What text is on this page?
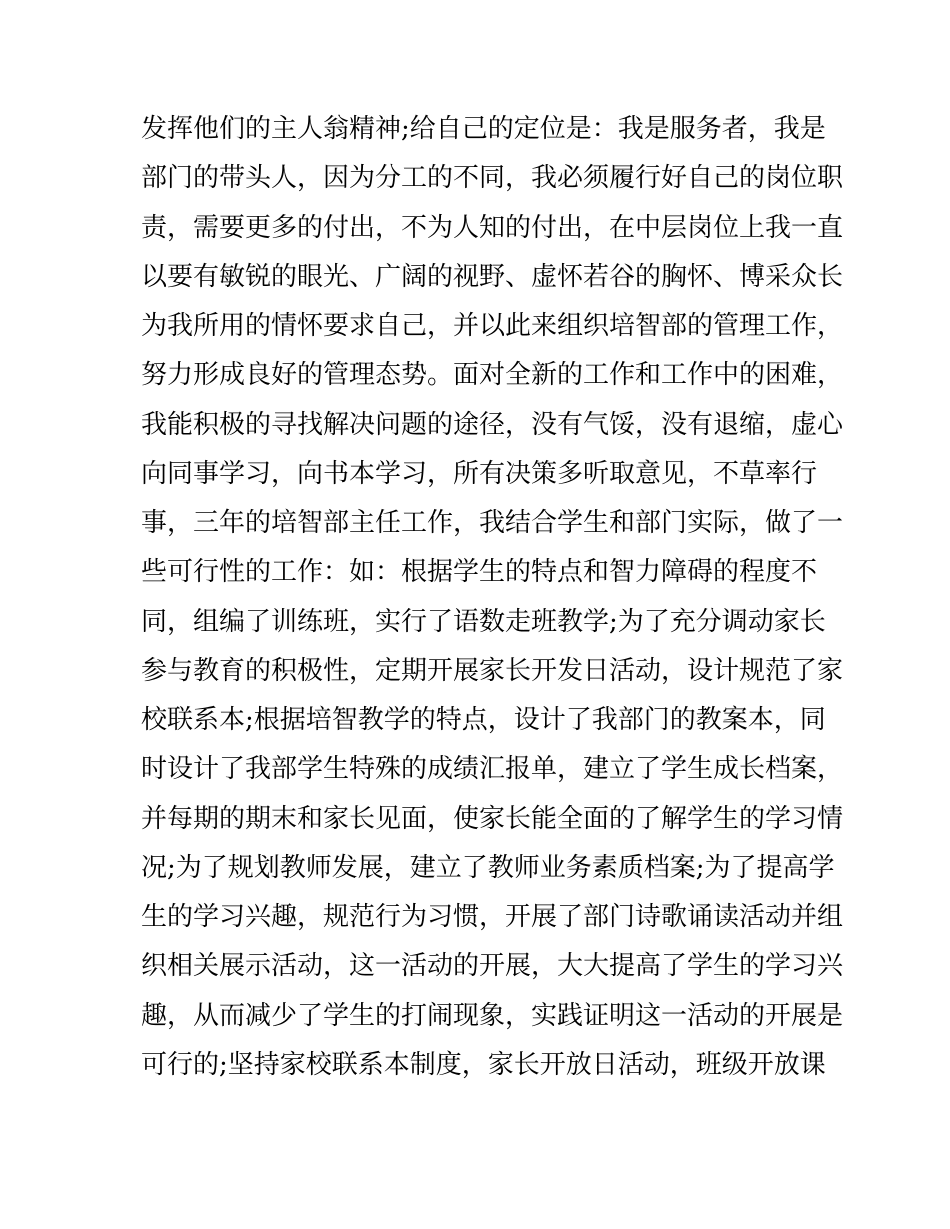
发挥他们的主人翁精神;给自己的定位是：我是服务者，我是
部门的带头人，因为分工的不同，我必须履行好自己的岗位职
责，需要更多的付出，不为人知的付出，在中层岗位上我一直
以要有敏锐的眼光、广阔的视野、虚怀若谷的胸怀、博采众长
为我所用的情怀要求自己，并以此来组织培智部的管理工作，
努力形成良好的管理态势。面对全新的工作和工作中的困难，
我能积极的寻找解决问题的途径，没有气馁，没有退缩，虚心
向同事学习，向书本学习，所有决策多听取意见，不草率行
事，三年的培智部主任工作，我结合学生和部门实际，做了一
些可行性的工作：如：根据学生的特点和智力障碍的程度不
同，组编了训练班，实行了语数走班教学;为了充分调动家长
参与教育的积极性，定期开展家长开发日活动，设计规范了家
校联系本;根据培智教学的特点，设计了我部门的教案本，同
时设计了我部学生特殊的成绩汇报单，建立了学生成长档案，
并每期的期末和家长见面，使家长能全面的了解学生的学习情
况;为了规划教师发展，建立了教师业务素质档案;为了提高学
生的学习兴趣，规范行为习惯，开展了部门诗歌诵读活动并组
织相关展示活动，这一活动的开展，大大提高了学生的学习兴
趣，从而减少了学生的打闹现象，实践证明这一活动的开展是
可行的;坚持家校联系本制度，家长开放日活动，班级开放课
